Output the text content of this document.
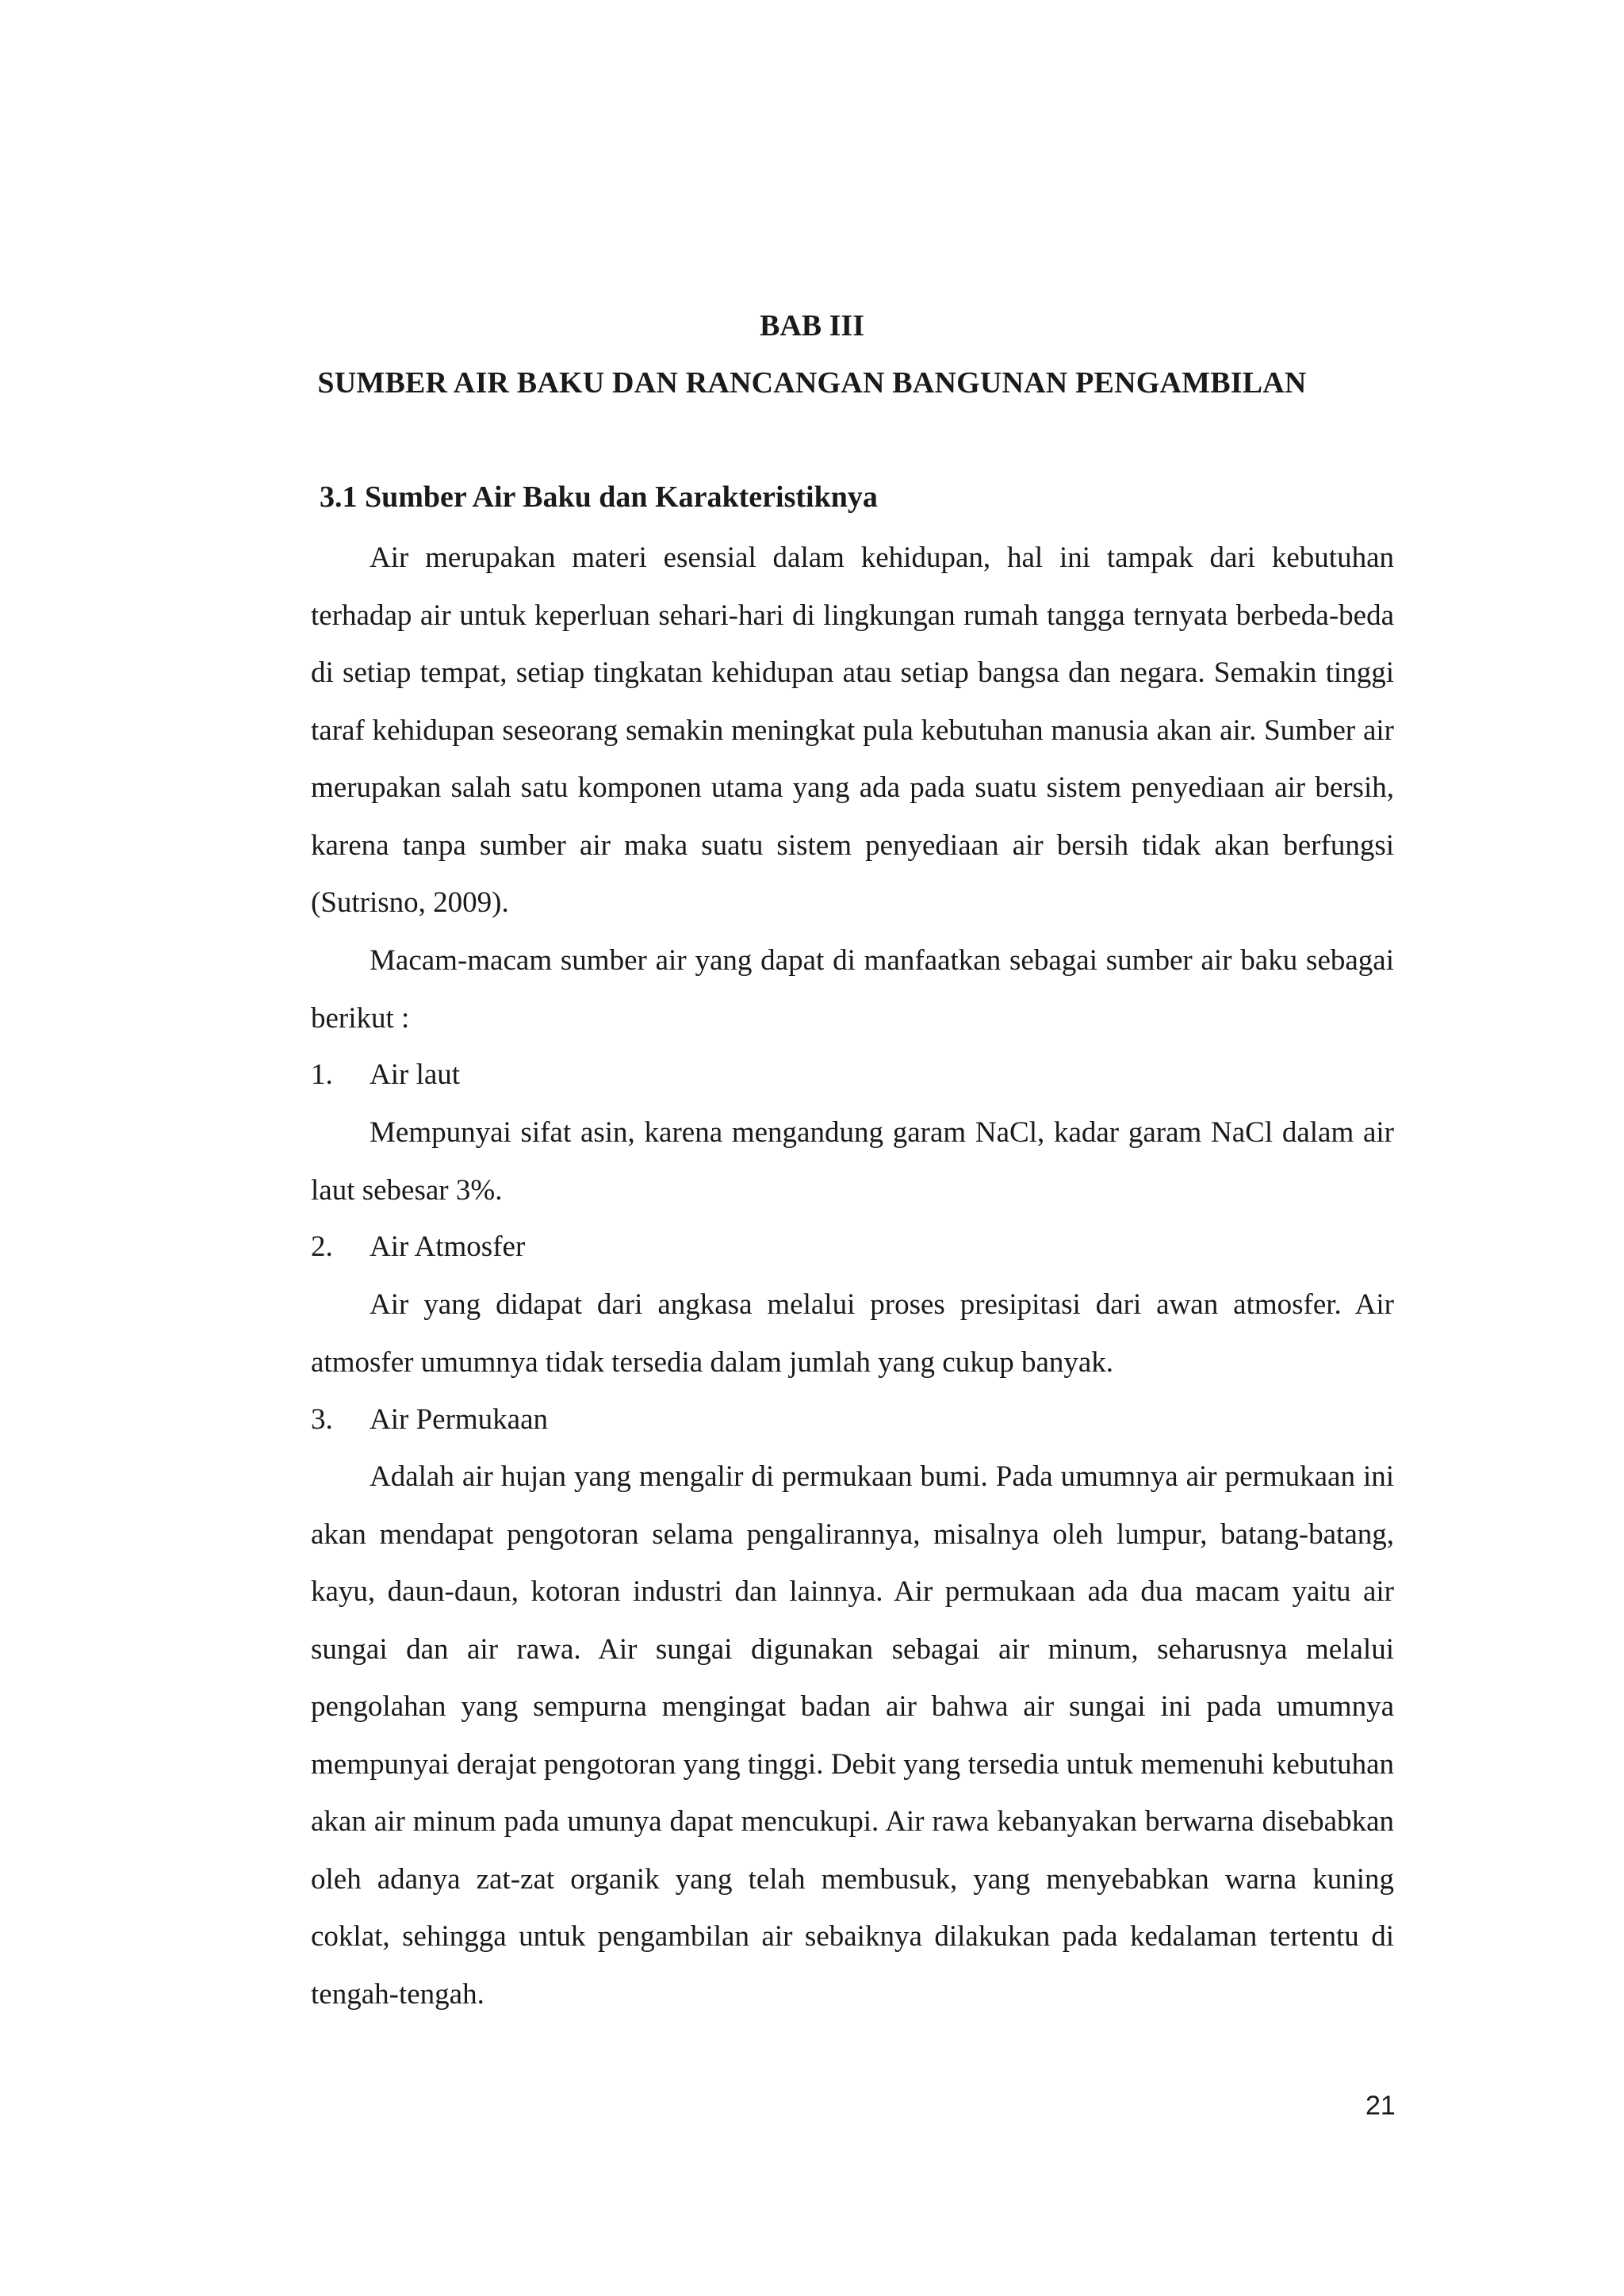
BAB III
SUMBER AIR BAKU DAN RANCANGAN BANGUNAN PENGAMBILAN
3.1 Sumber Air Baku dan Karakteristiknya

Air merupakan materi esensial dalam kehidupan, hal ini tampak dari kebutuhan terhadap air untuk keperluan sehari-hari di lingkungan rumah tangga ternyata berbeda-beda di setiap tempat, setiap tingkatan kehidupan atau setiap bangsa dan negara. Semakin tinggi taraf kehidupan seseorang semakin meningkat pula kebutuhan manusia akan air. Sumber air merupakan salah satu komponen utama yang ada pada suatu sistem penyediaan air bersih, karena tanpa sumber air maka suatu sistem penyediaan air bersih tidak akan berfungsi (Sutrisno, 2009).

Macam-macam sumber air yang dapat di manfaatkan sebagai sumber air baku sebagai berikut :

1. Air laut

Mempunyai sifat asin, karena mengandung garam NaCl, kadar garam NaCl dalam air laut sebesar 3%.

2. Air Atmosfer

Air yang didapat dari angkasa melalui proses presipitasi dari awan atmosfer. Air atmosfer umumnya tidak tersedia dalam jumlah yang cukup banyak.

3. Air Permukaan

Adalah air hujan yang mengalir di permukaan bumi. Pada umumnya air permukaan ini akan mendapat pengotoran selama pengalirannya, misalnya oleh lumpur, batang-batang, kayu, daun-daun, kotoran industri dan lainnya. Air permukaan ada dua macam yaitu air sungai dan air rawa. Air sungai digunakan sebagai air minum, seharusnya melalui pengolahan yang sempurna mengingat badan air bahwa air sungai ini pada umumnya mempunyai derajat pengotoran yang tinggi. Debit yang tersedia untuk memenuhi kebutuhan akan air minum pada umunya dapat mencukupi. Air rawa kebanyakan berwarna disebabkan oleh adanya zat-zat organik yang telah membusuk, yang menyebabkan warna kuning coklat, sehingga untuk pengambilan air sebaiknya dilakukan pada kedalaman tertentu di tengah-tengah.

21
